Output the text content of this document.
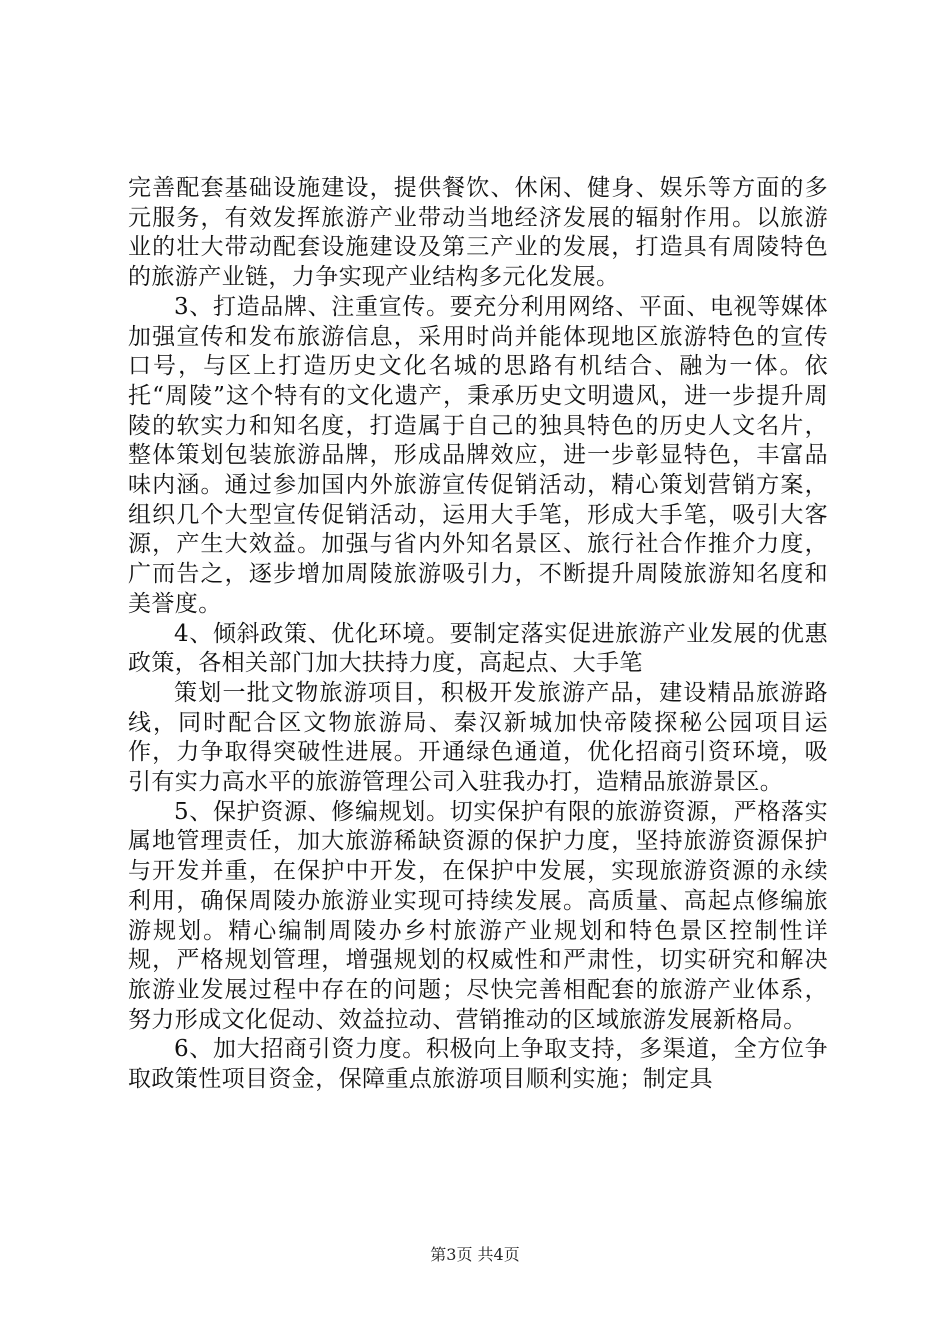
完善配套基础设施建设，提供餐饮、休闲、健身、娱乐等方面的多元服务，有效发挥旅游产业带动当地经济发展的辐射作用。以旅游业的壮大带动配套设施建设及第三产业的发展，打造具有周陵特色的旅游产业链，力争实现产业结构多元化发展。

3、打造品牌、注重宣传。要充分利用网络、平面、电视等媒体加强宣传和发布旅游信息，采用时尚并能体现地区旅游特色的宣传口号，与区上打造历史文化名城的思路有机结合、融为一体。依托“周陵”这个特有的文化遗产，秉承历史文明遗风，进一步提升周陵的软实力和知名度，打造属于自己的独具特色的历史人文名片，整体策划包装旅游品牌，形成品牌效应，进一步彰显特色，丰富品味内涵。通过参加国内外旅游宣传促销活动，精心策划营销方案，组织几个大型宣传促销活动，运用大手笔，形成大手笔，吸引大客源，产生大效益。加强与省内外知名景区、旅行社合作推介力度，广而告之，逐步增加周陵旅游吸引力，不断提升周陵旅游知名度和美誉度。

4、倾斜政策、优化环境。要制定落实促进旅游产业发展的优惠政策，各相关部门加大扶持力度，高起点、大手笔

策划一批文物旅游项目，积极开发旅游产品，建设精品旅游路线，同时配合区文物旅游局、秦汉新城加快帝陵探秘公园项目运作，力争取得突破性进展。开通绿色通道，优化招商引资环境，吸引有实力高水平的旅游管理公司入驻我办打，造精品旅游景区。

5、保护资源、修编规划。切实保护有限的旅游资源，严格落实属地管理责任，加大旅游稀缺资源的保护力度，坚持旅游资源保护与开发并重，在保护中开发，在保护中发展，实现旅游资源的永续利用，确保周陵办旅游业实现可持续发展。高质量、高起点修编旅游规划。精心编制周陵办乡村旅游产业规划和特色景区控制性详规，严格规划管理，增强规划的权威性和严肃性，切实研究和解决旅游业发展过程中存在的问题；尽快完善相配套的旅游产业体系，努力形成文化促动、效益拉动、营销推动的区域旅游发展新格局。

6、加大招商引资力度。积极向上争取支持，多渠道，全方位争取政策性项目资金，保障重点旅游项目顺利实施；制定具

第3页 共4页
